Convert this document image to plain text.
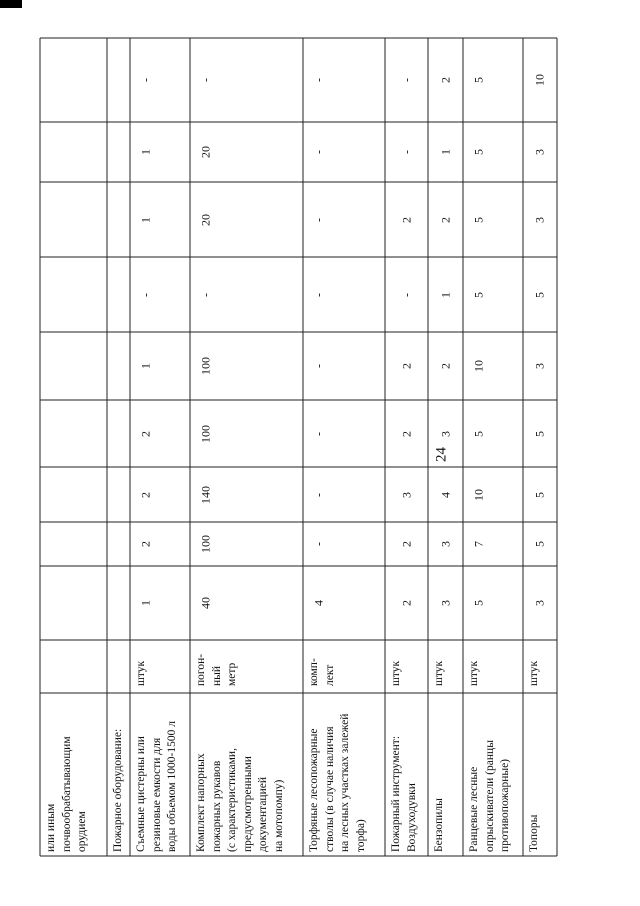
24
или иным почвообрабатывающим орудием Пожарное оборудование: Съемные цистерны или резиновые емкости для воды объемом 1000-1500 л
штук
1
2
2
2
1
-
1
1
-
Комплект напорных пожарных рукавов (с характеристиками, предусмотренными документацией на мотопомпу)
погон- ный метр
40
100
140
100
100
-
20
20
-
Торфяные лесопожарные стволы (в случае наличия на лесных участках залежей торфа)
комп- лект
4
-
-
-
-
-
-
-
-
Пожарный инструмент: Воздуходувки
штук
2
2
3
2
2
-
2
-
-
Бензопилы
штук
3
3
4
3
2
1
2
1
2
Ранцевые лесные опрыскиватели (ранцы противопожарные)
штук
5
7
10
5
10
5
5
5
5
Топоры
штук
3
5
5
5
3
5
3
3
10
